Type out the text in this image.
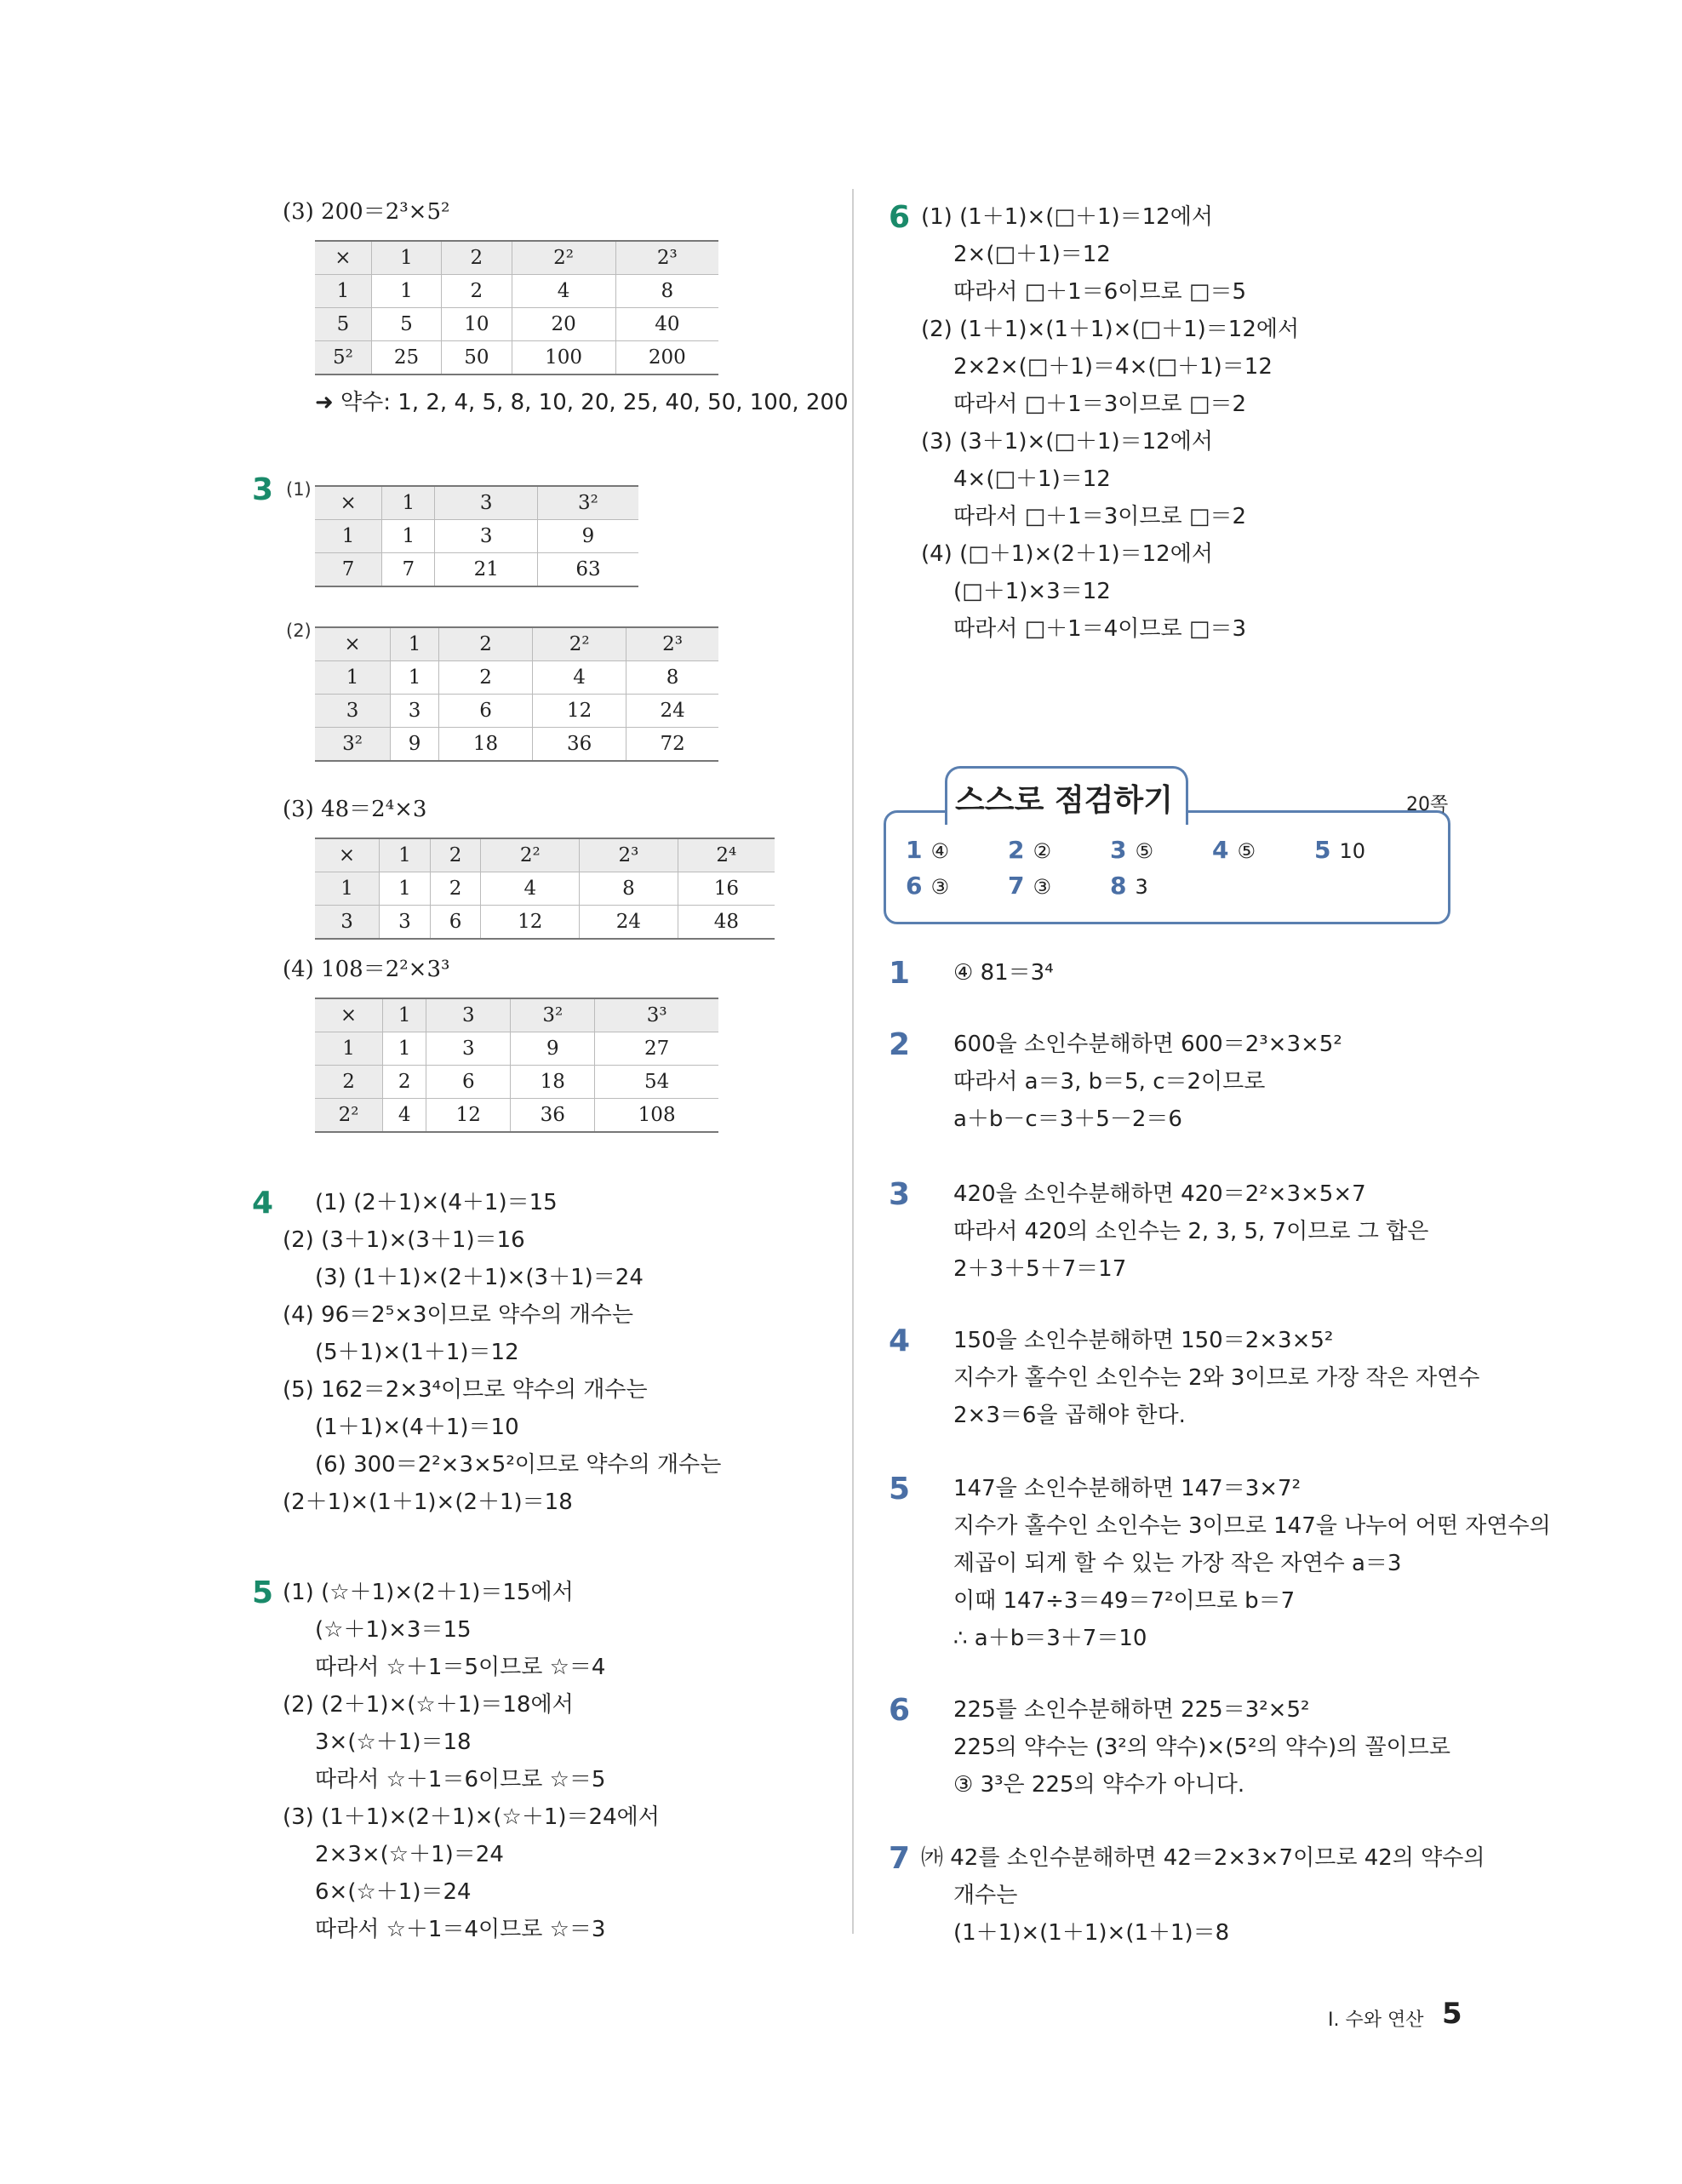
(3) 200＝2³×5²
×	1	2	2²	2³
1	1	2	4	8
5	5	10	20	40
5²	25	50	100	200
➜ 약수: 1, 2, 4, 5, 8, 10, 20, 25, 40, 50, 100, 200
3 (1)
×	1	3	3²
1	1	3	9
7	7	21	63
(2)
×	1	2	2²	2³
1	1	2	4	8
3	3	6	12	24
3²	9	18	36	72
(3) 48＝2⁴×3
×	1	2	2²	2³	2⁴
1	1	2	4	8	16
3	3	6	12	24	48
(4) 108＝2²×3³
×	1	3	3²	3³
1	1	3	9	27
2	2	6	18	54
2²	4	12	36	108
4
5
6
스스로 점검하기	20쪽
1 ④ 2 ② 3 ⑤ 4 ⑤ 5 10
6 ③ 7 ③ 8 3
1
2
3
4
5
6
7
I. 수와 연산 5
(1) (2＋1)×(4＋1)＝15
(2) (3＋1)×(3＋1)＝16
(3) (1＋1)×(2＋1)×(3＋1)＝24
(4) 96＝2⁵×3이므로 약수의 개수는
(5＋1)×(1＋1)＝12
(5) 162＝2×3⁴이므로 약수의 개수는
(1＋1)×(4＋1)＝10
(6) 300＝2²×3×5²이므로 약수의 개수는
(2＋1)×(1＋1)×(2＋1)＝18
(1) (☆＋1)×(2＋1)＝15에서
(☆＋1)×3＝15
따라서 ☆＋1＝5이므로 ☆＝4
(2) (2＋1)×(☆＋1)＝18에서
3×(☆＋1)＝18
따라서 ☆＋1＝6이므로 ☆＝5
(3) (1＋1)×(2＋1)×(☆＋1)＝24에서
2×3×(☆＋1)＝24
6×(☆＋1)＝24
따라서 ☆＋1＝4이므로 ☆＝3
(1) (1＋1)×(□＋1)＝12에서
2×(□＋1)＝12
따라서 □＋1＝6이므로 □＝5
(2) (1＋1)×(1＋1)×(□＋1)＝12에서
2×2×(□＋1)＝4×(□＋1)＝12
따라서 □＋1＝3이므로 □＝2
(3) (3＋1)×(□＋1)＝12에서
4×(□＋1)＝12
따라서 □＋1＝3이므로 □＝2
(4) (□＋1)×(2＋1)＝12에서
(□＋1)×3＝12
따라서 □＋1＝4이므로 □＝3
④ 81＝3⁴
600을 소인수분해하면 600＝2³×3×5²
따라서 a＝3, b＝5, c＝2이므로
a＋b－c＝3＋5－2＝6
420을 소인수분해하면 420＝2²×3×5×7
따라서 420의 소인수는 2, 3, 5, 7이므로 그 합은
2＋3＋5＋7＝17
150을 소인수분해하면 150＝2×3×5²
지수가 홀수인 소인수는 2와 3이므로 가장 작은 자연수
2×3＝6을 곱해야 한다.
147을 소인수분해하면 147＝3×7²
지수가 홀수인 소인수는 3이므로 147을 나누어 어떤 자연수의
제곱이 되게 할 수 있는 가장 작은 자연수 a＝3
이때 147÷3＝49＝7²이므로 b＝7
∴ a＋b＝3＋7＝10
225를 소인수분해하면 225＝3²×5²
225의 약수는 (3²의 약수)×(5²의 약수)의 꼴이므로
③ 3³은 225의 약수가 아니다.
㈎ 42를 소인수분해하면 42＝2×3×7이므로 42의 약수의
개수는
(1＋1)×(1＋1)×(1＋1)＝8
